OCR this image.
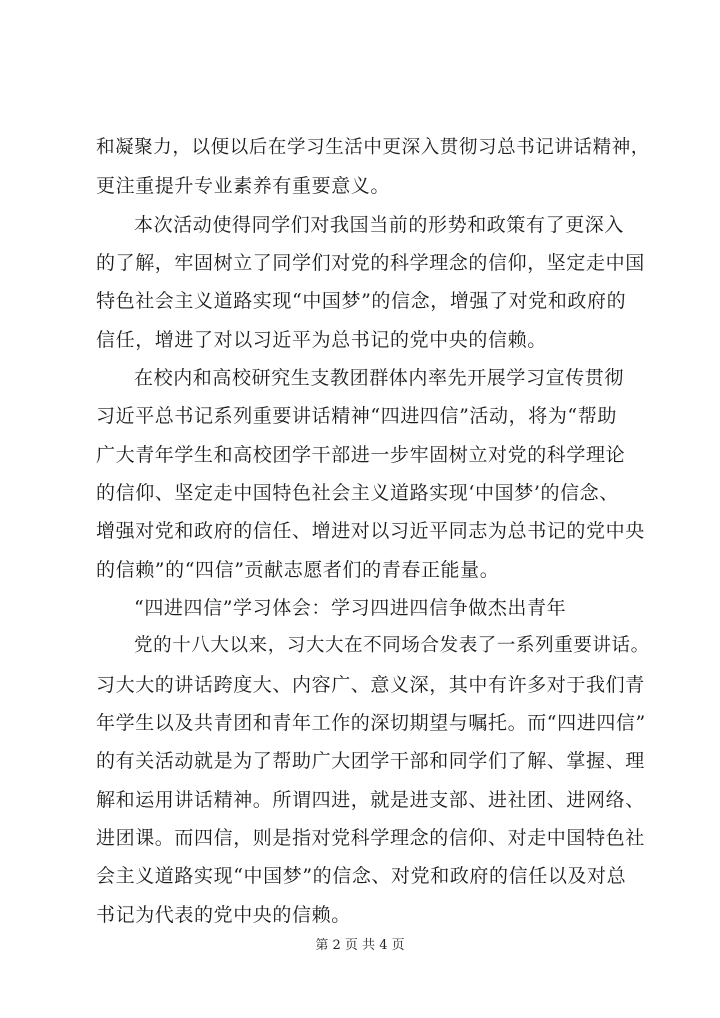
和凝聚力，以便以后在学习生活中更深入贯彻习总书记讲话精神，
更注重提升专业素养有重要意义。
本次活动使得同学们对我国当前的形势和政策有了更深入
的了解，牢固树立了同学们对党的科学理念的信仰，坚定走中国
特色社会主义道路实现“中国梦”的信念，增强了对党和政府的
信任，增进了对以习近平为总书记的党中央的信赖。
在校内和高校研究生支教团群体内率先开展学习宣传贯彻
习近平总书记系列重要讲话精神“四进四信”活动，将为“帮助
广大青年学生和高校团学干部进一步牢固树立对党的科学理论
的信仰、坚定走中国特色社会主义道路实现‘中国梦’的信念、
增强对党和政府的信任、增进对以习近平同志为总书记的党中央
的信赖”的“四信”贡献志愿者们的青春正能量。
“四进四信”学习体会：学习四进四信争做杰出青年
党的十八大以来，习大大在不同场合发表了一系列重要讲话。
习大大的讲话跨度大、内容广、意义深，其中有许多对于我们青
年学生以及共青团和青年工作的深切期望与嘱托。而“四进四信”
的有关活动就是为了帮助广大团学干部和同学们了解、掌握、理
解和运用讲话精神。所谓四进，就是进支部、进社团、进网络、
进团课。而四信，则是指对党科学理念的信仰、对走中国特色社
会主义道路实现“中国梦”的信念、对党和政府的信任以及对总
书记为代表的党中央的信赖。
第 2 页 共 4 页
